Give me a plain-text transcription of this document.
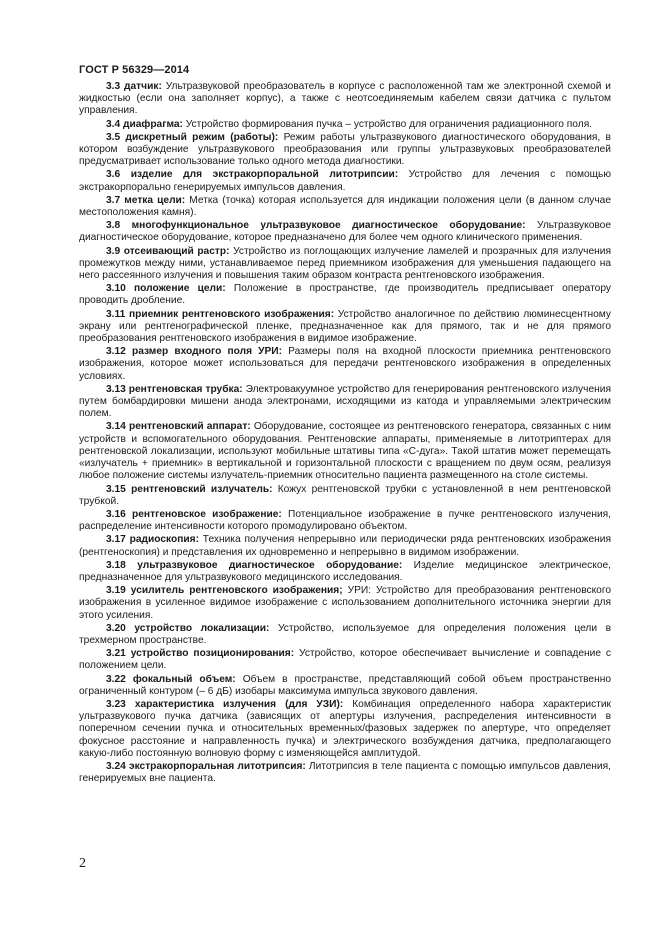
ГОСТ Р 56329—2014

3.3 датчик: Ультразвуковой преобразователь в корпусе с расположенной там же электронной схемой и жидкостью (если она заполняет корпус), а также с неотсоединяемым кабелем связи датчика с пультом управления.

3.4 диафрагма: Устройство формирования пучка – устройство для ограничения радиационного поля.

3.5 дискретный режим (работы): Режим работы ультразвукового диагностического оборудования, в котором возбуждение ультразвукового преобразования или группы ультразвуковых преобразователей предусматривает использование только одного метода диагностики.

3.6 изделие для экстракорпоральной литотрипсии: Устройство для лечения с помощью экстракорпорально генерируемых импульсов давления.

3.7 метка цели: Метка (точка) которая используется для индикации положения цели (в данном случае местоположения камня).

3.8 многофункциональное ультразвуковое диагностическое оборудование: Ультразвуковое диагностическое оборудование, которое предназначено для более чем одного клинического применения.

3.9 отсеивающий растр: Устройство из поглощающих излучение ламелей и прозрачных для излучения промежутков между ними, устанавливаемое перед приемником изображения для уменьшения падающего на него рассеянного излучения и повышения таким образом контраста рентгеновского изображения.

3.10 положение цели: Положение в пространстве, где производитель предписывает оператору проводить дробление.

3.11 приемник рентгеновского изображения: Устройство аналогичное по действию люминесцентному экрану или рентгенографической пленке, предназначенное как для прямого, так и не для прямого преобразования рентгеновского изображения в видимое изображение.

3.12 размер входного поля УРИ: Размеры поля на входной плоскости приемника рентгеновского изображения, которое может использоваться для передачи рентгеновского изображения в определенных условиях.

3.13 рентгеновская трубка: Электровакуумное устройство для генерирования рентгеновского излучения путем бомбардировки мишени анода электронами, исходящими из катода и управляемыми электрическим полем.

3.14 рентгеновский аппарат: Оборудование, состоящее из рентгеновского генератора, связанных с ним устройств и вспомогательного оборудования. Рентгеновские аппараты, применяемые в литотриптерах для рентгеновской локализации, используют мобильные штативы типа «С-дуга». Такой штатив может перемещать «излучатель + приемник» в вертикальной и горизонтальной плоскости с вращением по двум осям, реализуя любое положение системы излучатель-приемник относительно пациента размещенного на столе системы.

3.15 рентгеновский излучатель: Кожух рентгеновской трубки с установленной в нем рентгеновской трубкой.

3.16 рентгеновское изображение: Потенциальное изображение в пучке рентгеновского излучения, распределение интенсивности которого промодулировано объектом.

3.17 радиоскопия: Техника получения непрерывно или периодически ряда рентгеновских изображения (рентгеноскопия) и представления их одновременно и непрерывно в видимом изображении.

3.18 ультразвуковое диагностическое оборудование: Изделие медицинское электрическое, предназначенное для ультразвукового медицинского исследования.

3.19 усилитель рентгеновского изображения; УРИ: Устройство для преобразования рентгеновского изображения в усиленное видимое изображение с использованием дополнительного источника энергии для этого усиления.

3.20 устройство локализации: Устройство, используемое для определения положения цели в трехмерном пространстве.

3.21 устройство позиционирования: Устройство, которое обеспечивает вычисление и совпадение с положением цели.

3.22 фокальный объем: Объем в пространстве, представляющий собой объем пространственно ограниченный контуром (– 6 дБ) изобары максимума импульса звукового давления.

3.23 характеристика излучения (для УЗИ): Комбинация определенного набора характеристик ультразвукового пучка датчика (зависящих от апертуры излучения, распределения интенсивности в поперечном сечении пучка и относительных временных/фазовых задержек по апертуре, что определяет фокусное расстояние и направленность пучка) и электрического возбуждения датчика, предполагающего какую-либо постоянную волновую форму с изменяющейся амплитудой.

3.24 экстракорпоральная литотрипсия: Литотрипсия в теле пациента с помощью импульсов давления, генерируемых вне пациента.

2
